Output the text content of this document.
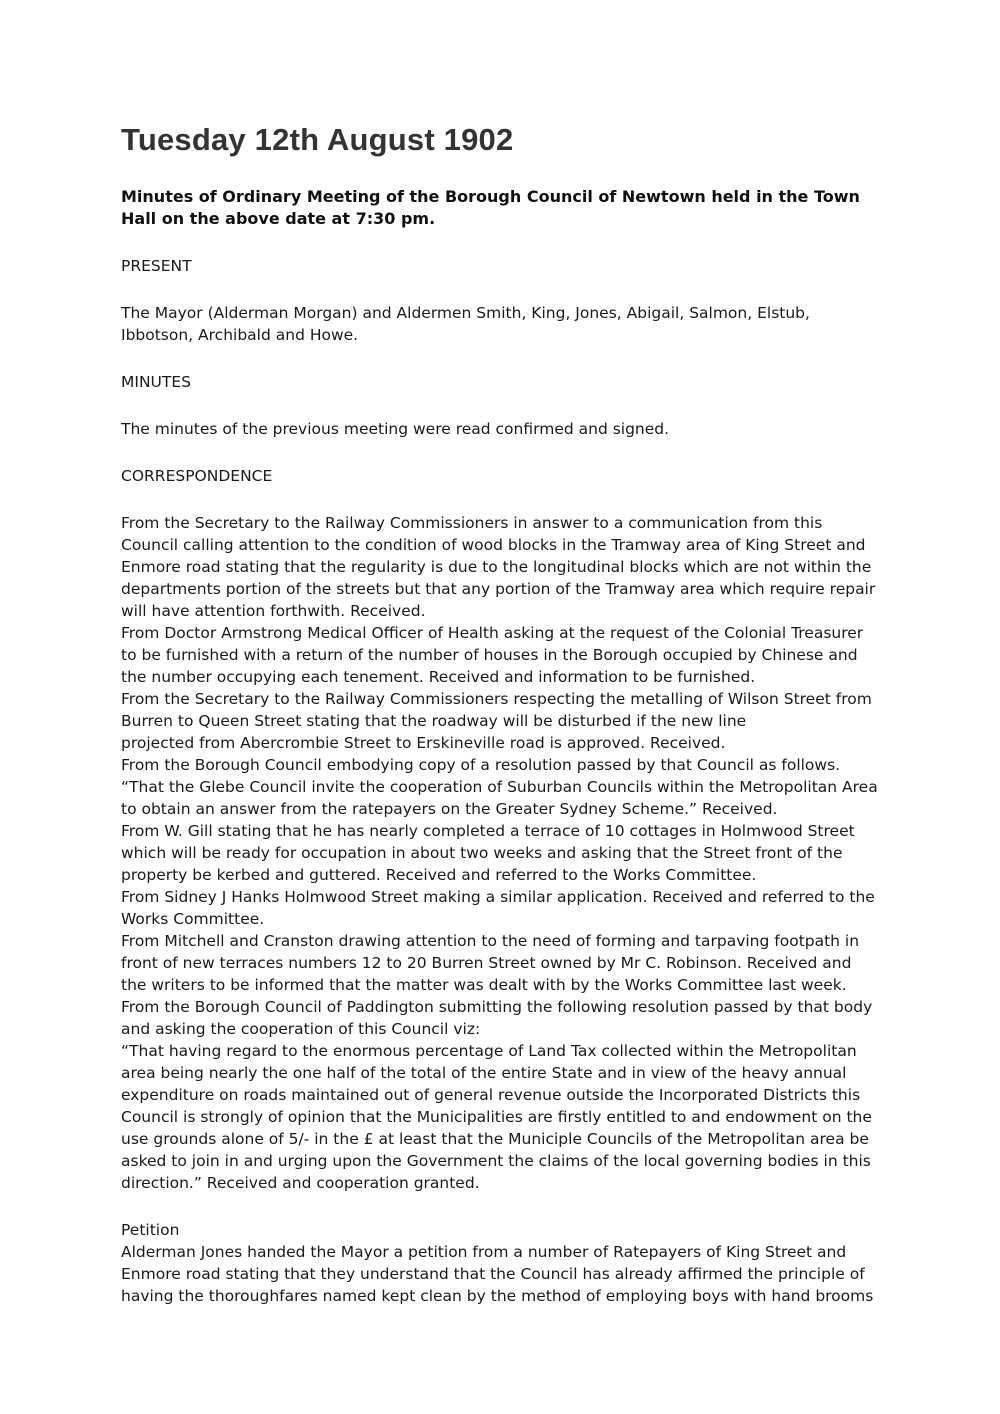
Tuesday 12th August 1902

Minutes of Ordinary Meeting of the Borough Council of Newtown held in the Town Hall on the above date at 7:30 pm.

PRESENT

The Mayor (Alderman Morgan) and Aldermen Smith, King, Jones, Abigail, Salmon, Elstub, Ibbotson, Archibald and Howe.

MINUTES

The minutes of the previous meeting were read confirmed and signed.

CORRESPONDENCE

From the Secretary to the Railway Commissioners in answer to a communication from this Council calling attention to the condition of wood blocks in the Tramway area of King Street and Enmore road stating that the regularity is due to the longitudinal blocks which are not within the departments portion of the streets but that any portion of the Tramway area which require repair will have attention forthwith. Received.

From Doctor Armstrong Medical Officer of Health asking at the request of the Colonial Treasurer to be furnished with a return of the number of houses in the Borough occupied by Chinese and the number occupying each tenement. Received and information to be furnished.

From the Secretary to the Railway Commissioners respecting the metalling of Wilson Street from Burren to Queen Street stating that the roadway will be disturbed if the new line

projected from Abercrombie Street to Erskineville road is approved. Received.

From the Borough Council embodying copy of a resolution passed by that Council as follows.

“That the Glebe Council invite the cooperation of Suburban Councils within the Metropolitan Area to obtain an answer from the ratepayers on the Greater Sydney Scheme.” Received.

From W. Gill stating that he has nearly completed a terrace of 10 cottages in Holmwood Street which will be ready for occupation in about two weeks and asking that the Street front of the property be kerbed and guttered. Received and referred to the Works Committee.

From Sidney J Hanks Holmwood Street making a similar application. Received and referred to the Works Committee.

From Mitchell and Cranston drawing attention to the need of forming and tarpaving footpath in front of new terraces numbers 12 to 20 Burren Street owned by Mr C. Robinson. Received and the writers to be informed that the matter was dealt with by the Works Committee last week.

From the Borough Council of Paddington submitting the following resolution passed by that body and asking the cooperation of this Council viz:

“That having regard to the enormous percentage of Land Tax collected within the Metropolitan area being nearly the one half of the total of the entire State and in view of the heavy annual expenditure on roads maintained out of general revenue outside the Incorporated Districts this Council is strongly of opinion that the Municipalities are firstly entitled to and endowment on the use grounds alone of 5/- in the £ at least that the Municiple Councils of the Metropolitan area be asked to join in and urging upon the Government the claims of the local governing bodies in this direction.” Received and cooperation granted.

Petition

Alderman Jones handed the Mayor a petition from a number of Ratepayers of King Street and Enmore road stating that they understand that the Council has already affirmed the principle of having the thoroughfares named kept clean by the method of employing boys with hand brooms
